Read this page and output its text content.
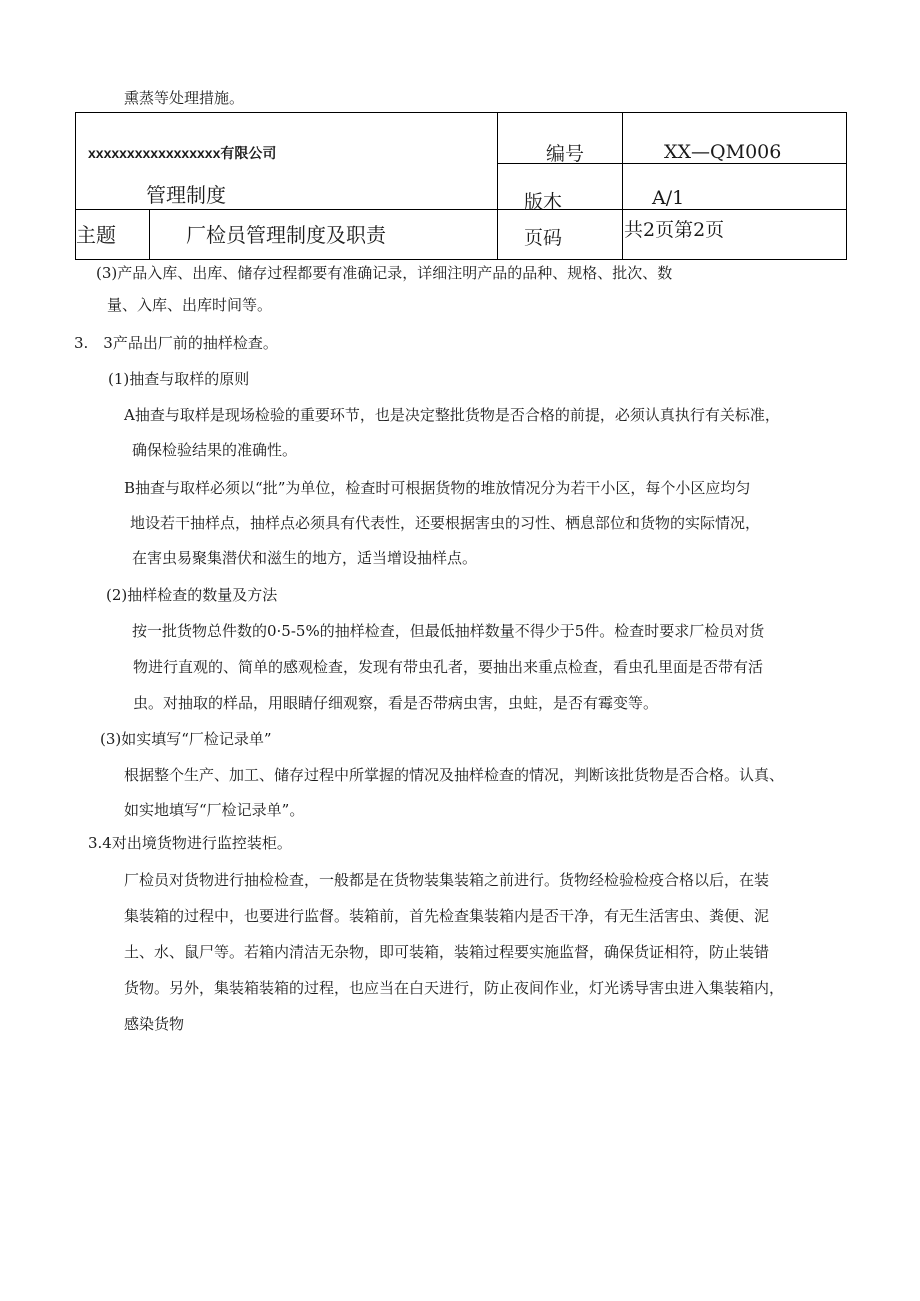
熏蒸等处理措施。
xxxxxxxxxxxxxxxxx有限公司
管理制度
主题	厂检员管理制度及职责
编号	XX—QM006
版木	A/1
页码	共2页第2页
(3)产品入库、出库、储存过程都要有准确记录，详细注明产品的品种、规格、批次、数
量、入库、出库时间等。
3.　3产品出厂前的抽样检查。
(1)抽查与取样的原则
A抽查与取样是现场检验的重要环节，也是决定整批货物是否合格的前提，必须认真执行有关标准，
确保检验结果的准确性。
B抽查与取样必须以“批”为单位，检查时可根据货物的堆放情况分为若干小区，每个小区应均匀
地设若干抽样点，抽样点必须具有代表性，还要根据害虫的习性、栖息部位和货物的实际情况，
在害虫易聚集潜伏和滋生的地方，适当增设抽样点。
(2)抽样检查的数量及方法
按一批货物总件数的0·5-5%的抽样检查，但最低抽样数量不得少于5件。检查时要求厂检员对货
物进行直观的、简单的感观检查，发现有带虫孔者，要抽出来重点检查，看虫孔里面是否带有活
虫。对抽取的样品，用眼睛仔细观察，看是否带病虫害，虫蛀，是否有霉变等。
(3)如实填写“厂检记录单”
根据整个生产、加工、储存过程中所掌握的情况及抽样检查的情况，判断该批货物是否合格。认真、
如实地填写“厂检记录单”。
3.4对出境货物进行监控装柜。
厂检员对货物进行抽检检查，一般都是在货物装集装箱之前进行。货物经检验检疫合格以后，在装
集装箱的过程中，也要进行监督。装箱前，首先检查集装箱内是否干净，有无生活害虫、粪便、泥
土、水、鼠尸等。若箱内清洁无杂物，即可装箱，装箱过程要实施监督，确保货证相符，防止装错
货物。另外，集装箱装箱的过程，也应当在白天进行，防止夜间作业，灯光诱导害虫进入集装箱内，
感染货物
